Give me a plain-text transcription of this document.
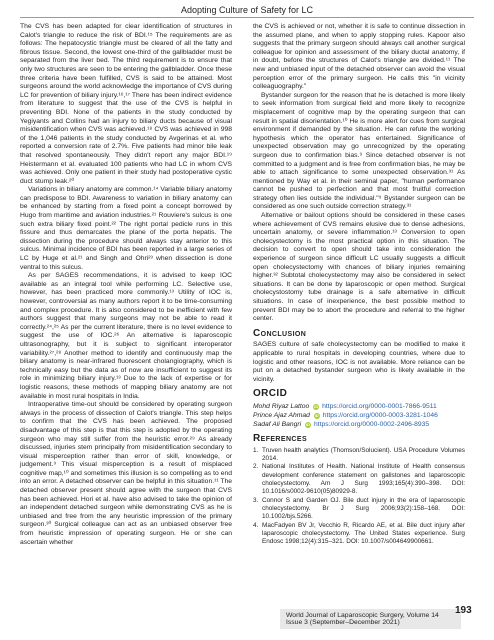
Adopting Culture of Safety for LC

The CVS has been adapted for clear identification of structures in Calot's triangle to reduce the risk of BDI.¹⁵ The requirements are as follows: The hepatocystic triangle must be cleared of all the fatty and fibrous tissue. Second, the lowest one-third of the gallbladder must be separated from the liver bed. The third requirement is to ensure that only two structures are seen to be entering the gallbladder. Once these three criteria have been fulfilled, CVS is said to be attained. Most surgeons around the world acknowledge the importance of CVS during LC for prevention of biliary injury.¹⁶,¹⁷ There has been indirect evidence from literature to suggest that the use of the CVS is helpful in preventing BDI. None of the patients in the study conducted by Yegiyants and Collins had an injury to biliary ducts because of visual misidentification when CVS was achieved.¹⁸ CVS was achieved in 998 of the 1,046 patients in the study conducted by Avgerinas et al. who reported a conversion rate of 2.7%. Five patients had minor bile leak that resolved spontaneously. They didn't report any major BDI.¹⁹ Heistermann et al. evaluated 100 patients who had LC in whom CVS was achieved. Only one patient in their study had postoperative cystic duct stump leak.²⁰

Variations in biliary anatomy are common.¹⁴ Variable biliary anatomy can predispose to BDI. Awareness to variation in biliary anatomy can be enhanced by starting from a fixed point a concept borrowed by Hugo from maritime and aviation industries.²¹ Rouviere's sulcus is one such extra biliary fixed point.²² The right portal pedicle runs in this fissure and thus demarcates the plane of the porta hepatis. The dissection during the procedure should always stay anterior to this sulcus. Minimal incidence of BDI has been reported in a large series of LC by Huge et al.²¹ and Singh and Ohri²³ when dissection is done ventral to this sulcus.

As per SAGES recommendations, it is advised to keep IOC available as an integral tool while performing LC. Selective use, however, has been practiced more commonly.¹³ Utility of IOC is, however, controversial as many authors report it to be time-consuming and complex procedure. It is also considered to be inefficient with few authors suggest that many surgeons may not be able to read it correctly.²⁴,²⁵ As per the current literature, there is no level evidence to suggest the use of IOC.²⁶ An alternative is laparoscopic ultrasonography, but it is subject to significant interoperator variability.²⁷,²⁸ Another method to identify and continuously map the biliary anatomy is near-infrared fluorescent cholangiography, which is technically easy but the data as of now are insufficient to suggest its role in minimizing biliary injury.¹³ Due to the lack of expertise or for logistic reasons, these methods of mapping biliary anatomy are not available in most rural hospitals in India.

Intraoperative time-out should be considered by operating surgeon always in the process of dissection of Calot's triangle. This step helps to confirm that the CVS has been achieved. The proposed disadvantage of this step is that this step is adopted by the operating surgeon who may still suffer from the heuristic error.²⁹ As already discussed, injuries stem principally from misidentification secondary to visual misperception rather than error of skill, knowledge, or judgement.⁹ This visual misperception is a result of misplaced cognitive map,¹⁰ and sometimes this illusion is so compelling as to end into an error. A detached observer can be helpful in this situation.¹¹ The detached observer present should agree with the surgeon that CVS has been achieved. Hori et al. have also advised to take the opinion of an independent detached surgeon while demonstrating CVS as he is unbiased and free from the any heuristic impression of the primary surgeon.³⁰ Surgical colleague can act as an unbiased observer free from heuristic impression of operating surgeon. He or she can ascertain whether

the CVS is achieved or not, whether it is safe to continue dissection in the assumed plane, and when to apply stopping rules. Kapoor also suggests that the primary surgeon should always call another surgical colleague for opinion and assessment of the biliary ductal anatomy, if in doubt, before the structures of Calot's triangle are divided.¹¹ The new and unbiased input of the detached observer can avoid the visual perception error of the primary surgeon. He calls this "in vicinity colleaguography."

Bystander surgeon for the reason that he is detached is more likely to seek information from surgical field and more likely to recognize misplacement of cognitive map by the operating surgeon that can result in spatial disorientation.¹⁰ He is more alert for cues from surgical environment if demanded by the situation. He can refute the working hypothesis which the operator has entertained. Significance of unexpected observation may go unrecognized by the operating surgeon due to confirmation bias.⁹ Since detached observer is not committed to a judgment and is free from confirmation bias, he may be able to attach significance to some unexpected observation.³¹ As mentioned by Way et al. in their seminal paper, "human performance cannot be pushed to perfection and that most fruitful correction strategy often lies outside the individual."⁹ Bystander surgeon can be considered as one such outside correction strategy.³¹

Alternative or bailout options should be considered in these cases where achievement of CVS remains elusive due to dense adhesions, uncertain anatomy, or severe inflammation.¹³ Conversion to open cholecystectomy is the most practical option in this situation. The decision to convert to open should take into consideration the experience of surgeon since difficult LC usually suggests a difficult open cholecystectomy with chances of biliary injuries remaining higher.³² Subtotal cholecystectomy may also be considered in select situations. It can be done by laparoscopic or open method. Surgical cholecystostomy tube drainage is a safe alternative in difficult situations. In case of inexperience, the best possible method to prevent BDI may be to abort the procedure and referral to the higher center.

Conclusion

SAGES culture of safe cholecystectomy can be modified to make it applicable to rural hospitals in developing countries, where due to logistic and other reasons, IOC is not available. More reliance can be put on a detached bystander surgeon who is likely available in the vicinity.

ORCID

Mohd Riyaz Lattoo iD https://orcid.org/0000-0001-7866-9511

Prince Ajaz Ahmad iD https://orcid.org/0000-0003-3281-1046

Sadaf Ali Bangri iD https://orcid.org/0000-0002-2496-8935

References

1. Truven health analytics (Thomson/Solucient). USA Procedure Volumes 2014.

2. National Institutes of Health. National Institute of Health consensus development conference statement on gallstones and laparoscopic cholecystectomy. Am J Surg 1993;165(4):390–398. DOI: 10.1016/s0002-9610(05)80929-8.

3. Connor S and Garden OJ. Bile duct injury in the era of laparoscopic cholecystectomy. Br J Surg 2006;93(2):158–168. DOI: 10.1002/bjs.5266.

4. MacFadyen BV Jr, Vecchio R, Ricardo AE, et al. Bile duct injury after laparoscopic cholecystectomy. The United States experience. Surg Endosc 1998;12(4):315–321. DOI: 10.1007/s004649900661.

World Journal of Laparoscopic Surgery, Volume 14 Issue 3 (September–December 2021)
193
